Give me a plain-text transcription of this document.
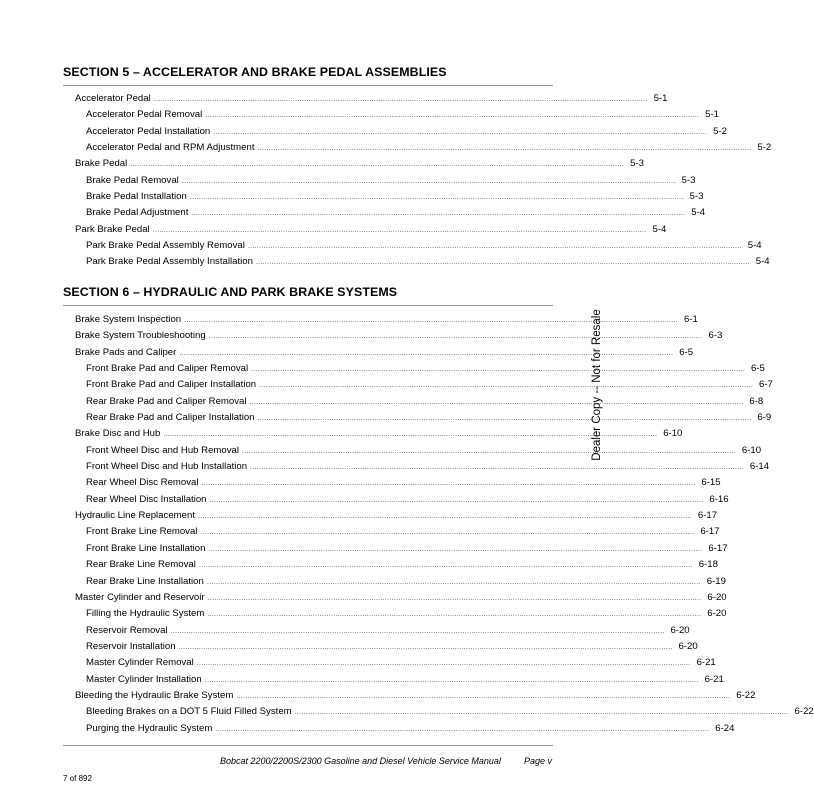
SECTION 5 – ACCELERATOR AND BRAKE PEDAL ASSEMBLIES
Accelerator Pedal ............................................................................................................................................................................................................................ 5-1
Accelerator Pedal Removal ............................................................................................................................................................................................................................ 5-1
Accelerator Pedal Installation ............................................................................................................................................................................................................................ 5-2
Accelerator Pedal and RPM Adjustment ............................................................................................................................................................................................................................ 5-2
Brake Pedal ............................................................................................................................................................................................................................ 5-3
Brake Pedal Removal ............................................................................................................................................................................................................................ 5-3
Brake Pedal Installation ............................................................................................................................................................................................................................ 5-3
Brake Pedal Adjustment ............................................................................................................................................................................................................................ 5-4
Park Brake Pedal ............................................................................................................................................................................................................................ 5-4
Park Brake Pedal Assembly Removal ............................................................................................................................................................................................................................ 5-4
Park Brake Pedal Assembly Installation ............................................................................................................................................................................................................................ 5-4
SECTION 6 – HYDRAULIC AND PARK BRAKE SYSTEMS
Brake System Inspection ............................................................................................................................................................................................................................ 6-1
Brake System Troubleshooting ............................................................................................................................................................................................................................ 6-3
Brake Pads and Caliper ............................................................................................................................................................................................................................ 6-5
Front Brake Pad and Caliper Removal ............................................................................................................................................................................................................................ 6-5
Front Brake Pad and Caliper Installation ............................................................................................................................................................................................................................ 6-7
Rear Brake Pad and Caliper Removal ............................................................................................................................................................................................................................ 6-8
Rear Brake Pad and Caliper Installation ............................................................................................................................................................................................................................ 6-9
Brake Disc and Hub ............................................................................................................................................................................................................................ 6-10
Front Wheel Disc and Hub Removal ............................................................................................................................................................................................................................ 6-10
Front Wheel Disc and Hub Installation ............................................................................................................................................................................................................................ 6-14
Rear Wheel Disc Removal ............................................................................................................................................................................................................................ 6-15
Rear Wheel Disc Installation ............................................................................................................................................................................................................................ 6-16
Hydraulic Line Replacement ............................................................................................................................................................................................................................ 6-17
Front Brake Line Removal ............................................................................................................................................................................................................................ 6-17
Front Brake Line Installation ............................................................................................................................................................................................................................ 6-17
Rear Brake Line Removal ............................................................................................................................................................................................................................ 6-18
Rear Brake Line Installation ............................................................................................................................................................................................................................ 6-19
Master Cylinder and Reservoir ............................................................................................................................................................................................................................ 6-20
Filling the Hydraulic System ............................................................................................................................................................................................................................ 6-20
Reservoir Removal ............................................................................................................................................................................................................................ 6-20
Reservoir Installation ............................................................................................................................................................................................................................ 6-20
Master Cylinder Removal ............................................................................................................................................................................................................................ 6-21
Master Cylinder Installation ............................................................................................................................................................................................................................ 6-21
Bleeding the Hydraulic Brake System ............................................................................................................................................................................................................................ 6-22
Bleeding Brakes on a DOT 5 Fluid Filled System ............................................................................................................................................................................................................................ 6-22
Purging the Hydraulic System ............................................................................................................................................................................................................................ 6-24
Dealer Copy -- Not for Resale
Bobcat 2200/2200S/2300 Gasoline and Diesel Vehicle Service Manual	Page v
7 of 892
